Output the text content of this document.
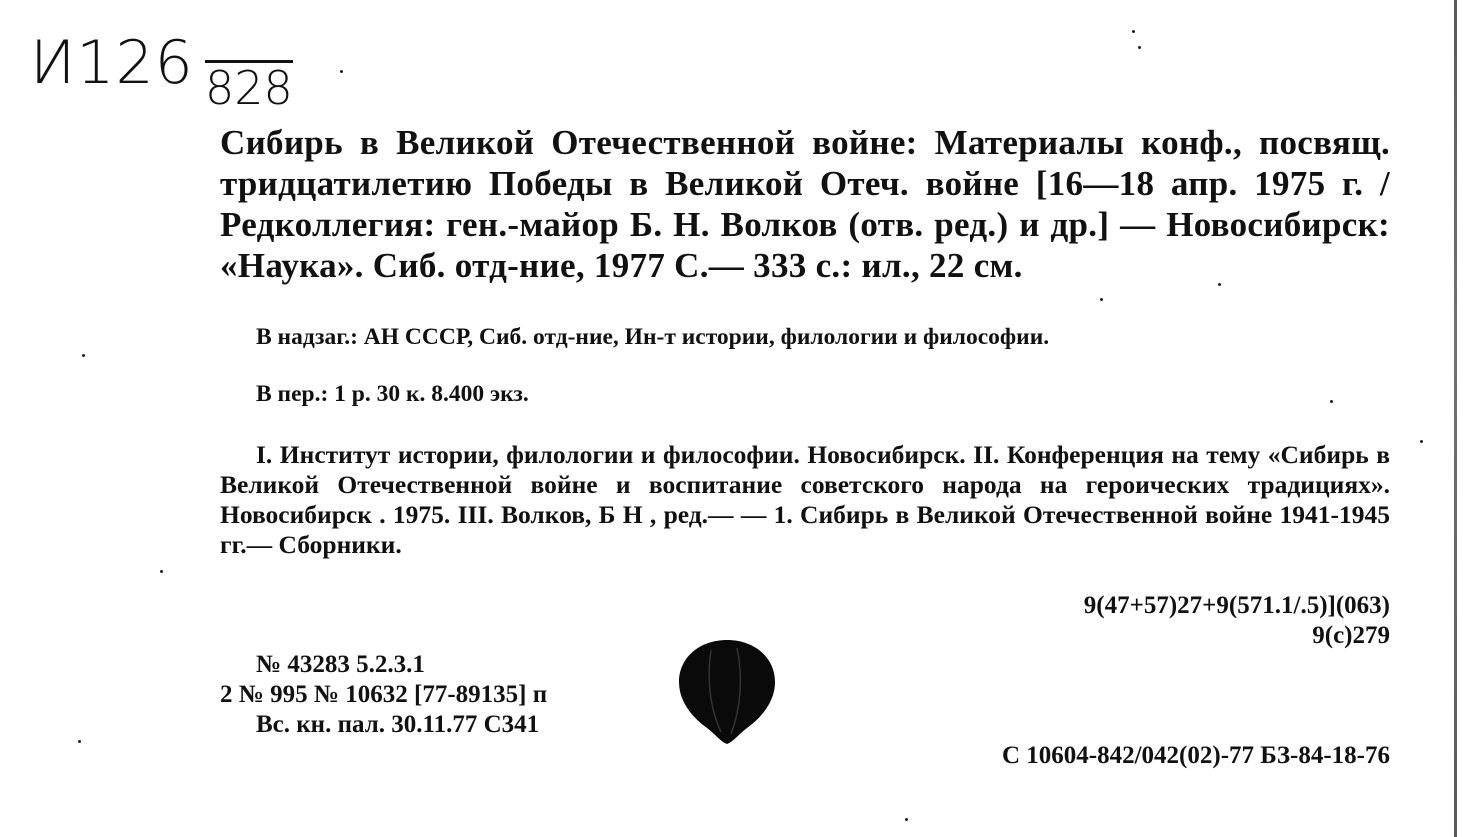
И126 828
Сибирь в Великой Отечественной войне: Материалы конф., посвящ. тридцатилетию Победы в Великой Отеч. войне [16—18 апр. 1975 г. / Редколлегия: ген.-майор Б. Н. Волков (отв. ред.) и др.] — Новосибирск: «Наука». Сиб. отд-ние, 1977 С.— 333 с.: ил., 22 см.
В надзаг.: АН СССР, Сиб. отд-ние, Ин-т истории, филологии и философии.
В пер.: 1 р. 30 к. 8.400 экз.
I. Институт истории, филологии и философии. Новосибирск. II. Конференция на тему «Сибирь в Великой Отечественной войне и воспитание советского народа на героических традициях». Новосибирск . 1975. III. Волков, Б Н , ред.— — 1. Сибирь в Великой Отечественной войне 1941-1945 гг.— Сборники.
9(47+57)27+9(571.1/.5)](063)
9(с)279
№ 43283 5.2.3.1
2 № 995 № 10632 [77-89135] п
Вс. кн. пал. 30.11.77 С341
С 10604-842/042(02)-77 БЗ-84-18-76
